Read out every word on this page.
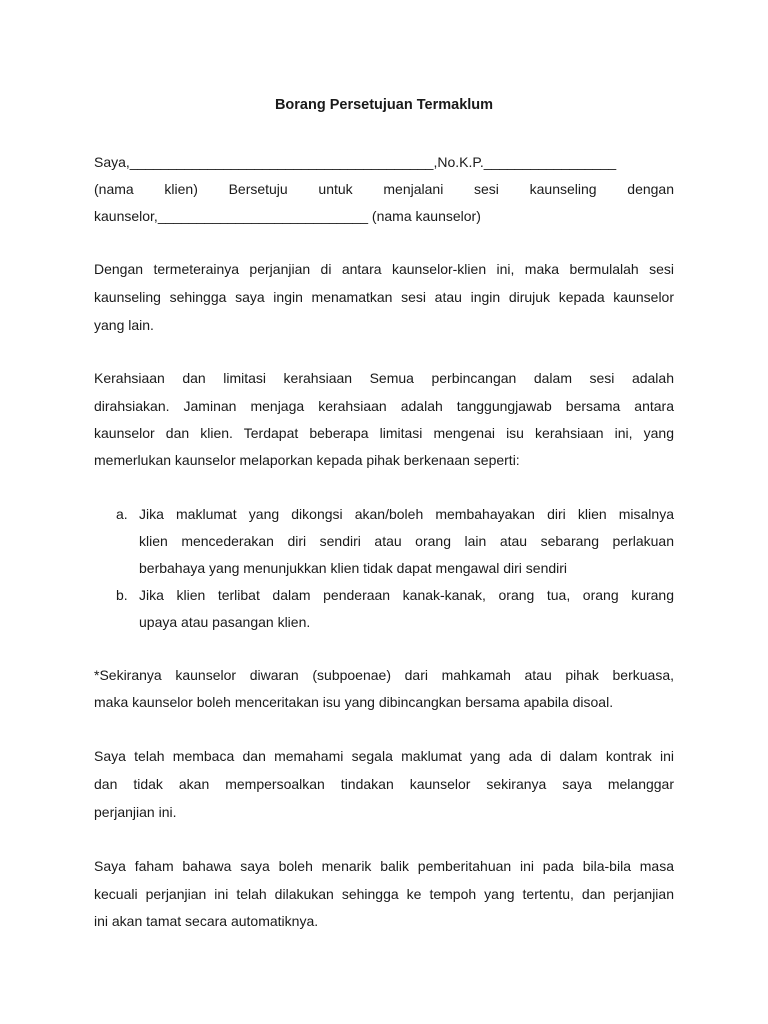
Borang Persetujuan Termaklum
Saya,_______________________________________,No.K.P._________________
(nama klien) Bersetuju untuk menjalani sesi kaunseling dengan
kaunselor,___________________________ (nama kaunselor)
Dengan termeterainya perjanjian di antara kaunselor-klien ini, maka bermulalah sesi
kaunseling sehingga saya ingin menamatkan sesi atau ingin dirujuk kepada kaunselor
yang lain.
Kerahsiaan dan limitasi kerahsiaan Semua perbincangan dalam sesi adalah
dirahsiakan. Jaminan menjaga kerahsiaan adalah tanggungjawab bersama antara
kaunselor dan klien. Terdapat beberapa limitasi mengenai isu kerahsiaan ini, yang
memerlukan kaunselor melaporkan kepada pihak berkenaan seperti:
a. Jika maklumat yang dikongsi akan/boleh membahayakan diri klien misalnya
klien mencederakan diri sendiri atau orang lain atau sebarang perlakuan
berbahaya yang menunjukkan klien tidak dapat mengawal diri sendiri
b. Jika klien terlibat dalam penderaan kanak-kanak, orang tua, orang kurang
upaya atau pasangan klien.
*Sekiranya kaunselor diwaran (subpoenae) dari mahkamah atau pihak berkuasa,
maka kaunselor boleh menceritakan isu yang dibincangkan bersama apabila disoal.
Saya telah membaca dan memahami segala maklumat yang ada di dalam kontrak ini
dan tidak akan mempersoalkan tindakan kaunselor sekiranya saya melanggar
perjanjian ini.
Saya faham bahawa saya boleh menarik balik pemberitahuan ini pada bila-bila masa
kecuali perjanjian ini telah dilakukan sehingga ke tempoh yang tertentu, dan perjanjian
ini akan tamat secara automatiknya.
